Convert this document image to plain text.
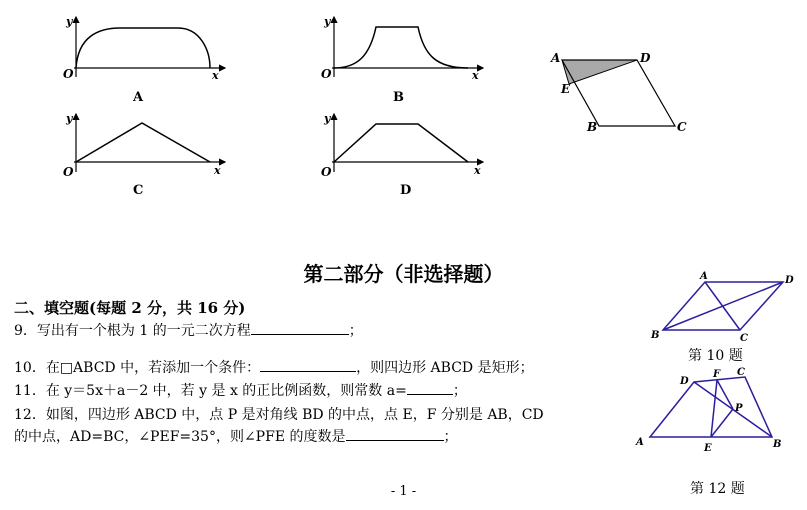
y
x
O
A
y
x
O
B
y
x
O
C
y
x
O
D
A	D
E
B	C
第二部分（非选择题）
二、填空题(每题 2 分，共 16 分)
9．写出有一个根为 1 的一元二次方程	；
10．在□ABCD 中，若添加一个条件：	，则四边形 ABCD 是矩形；
11．在 y＝5x＋a－2 中，若 y 是 x 的正比例函数，则常数 a=	；
12．如图，四边形 ABCD 中，点 P 是对角线 BD 的中点，点 E，F 分别是 AB，CD
的中点，AD=BC，∠PEF=35°，则∠PFE 的度数是	；
A	D
B	C
第 10 题
A
D
F C
P
E	B
第 12 题
- 1 -
